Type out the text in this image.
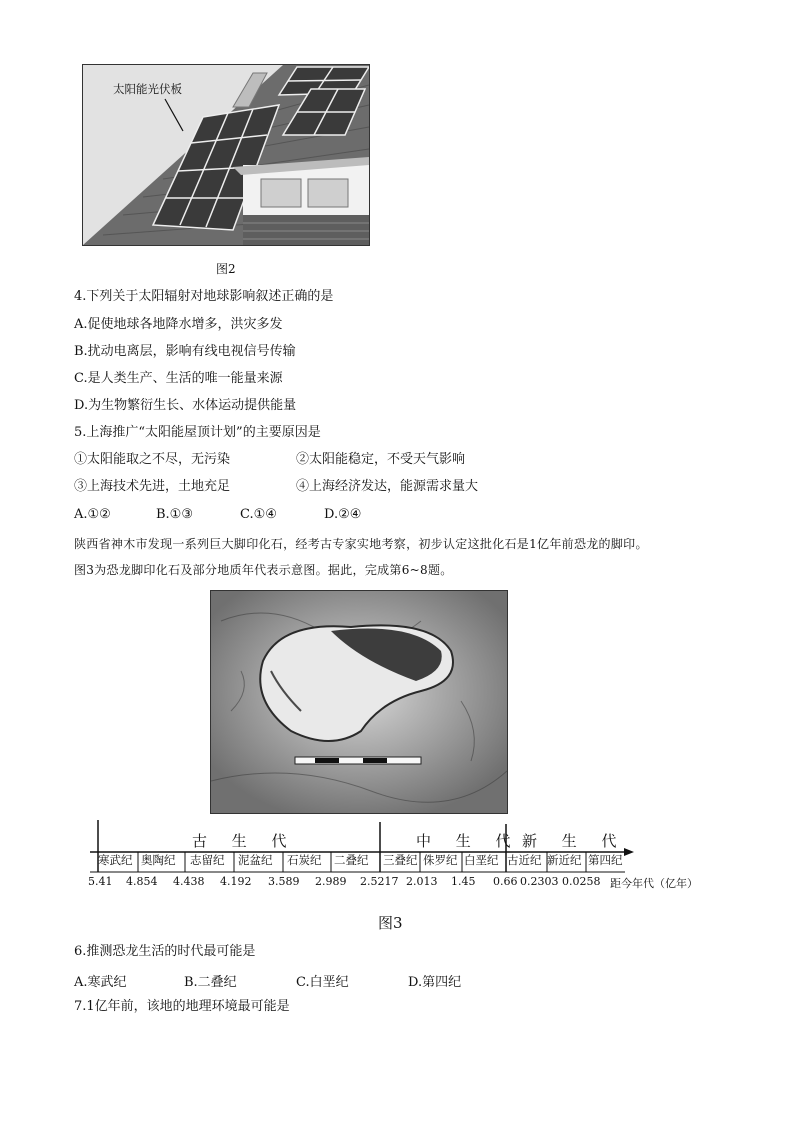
太阳能光伏板
图2
4.下列关于太阳辐射对地球影响叙述正确的是
A.促使地球各地降水增多，洪灾多发
B.扰动电离层，影响有线电视信号传输
C.是人类生产、生活的唯一能量来源
D.为生物繁衍生长、水体运动提供能量
5.上海推广“太阳能屋顶计划”的主要原因是
①太阳能取之不尽，无污染	②太阳能稳定，不受天气影响
③上海技术先进，土地充足	④上海经济发达，能源需求量大
A.①②	B.①③	C.①④	D.②④
陕西省神木市发现一系列巨大脚印化石，经考古专家实地考察，初步认定这批化石是1亿年前恐龙的脚印。
图3为恐龙脚印化石及部分地质年代表示意图。据此，完成第6~8题。
古 生 代	中 生 代 新 生 代
寒武纪 奥陶纪 志留纪 泥盆纪 石炭纪 二叠纪 三叠纪 侏罗纪 白垩纪 古近纪 新近纪 第四纪
5.41 4.854 4.438 4.192 3.589 2.989 2.5217 2.013 1.45 0.66 0.2303 0.0258 距今年代（亿年）
图3
6.推测恐龙生活的时代最可能是
A.寒武纪	B.二叠纪	C.白垩纪	D.第四纪
7.1亿年前，该地的地理环境最可能是
